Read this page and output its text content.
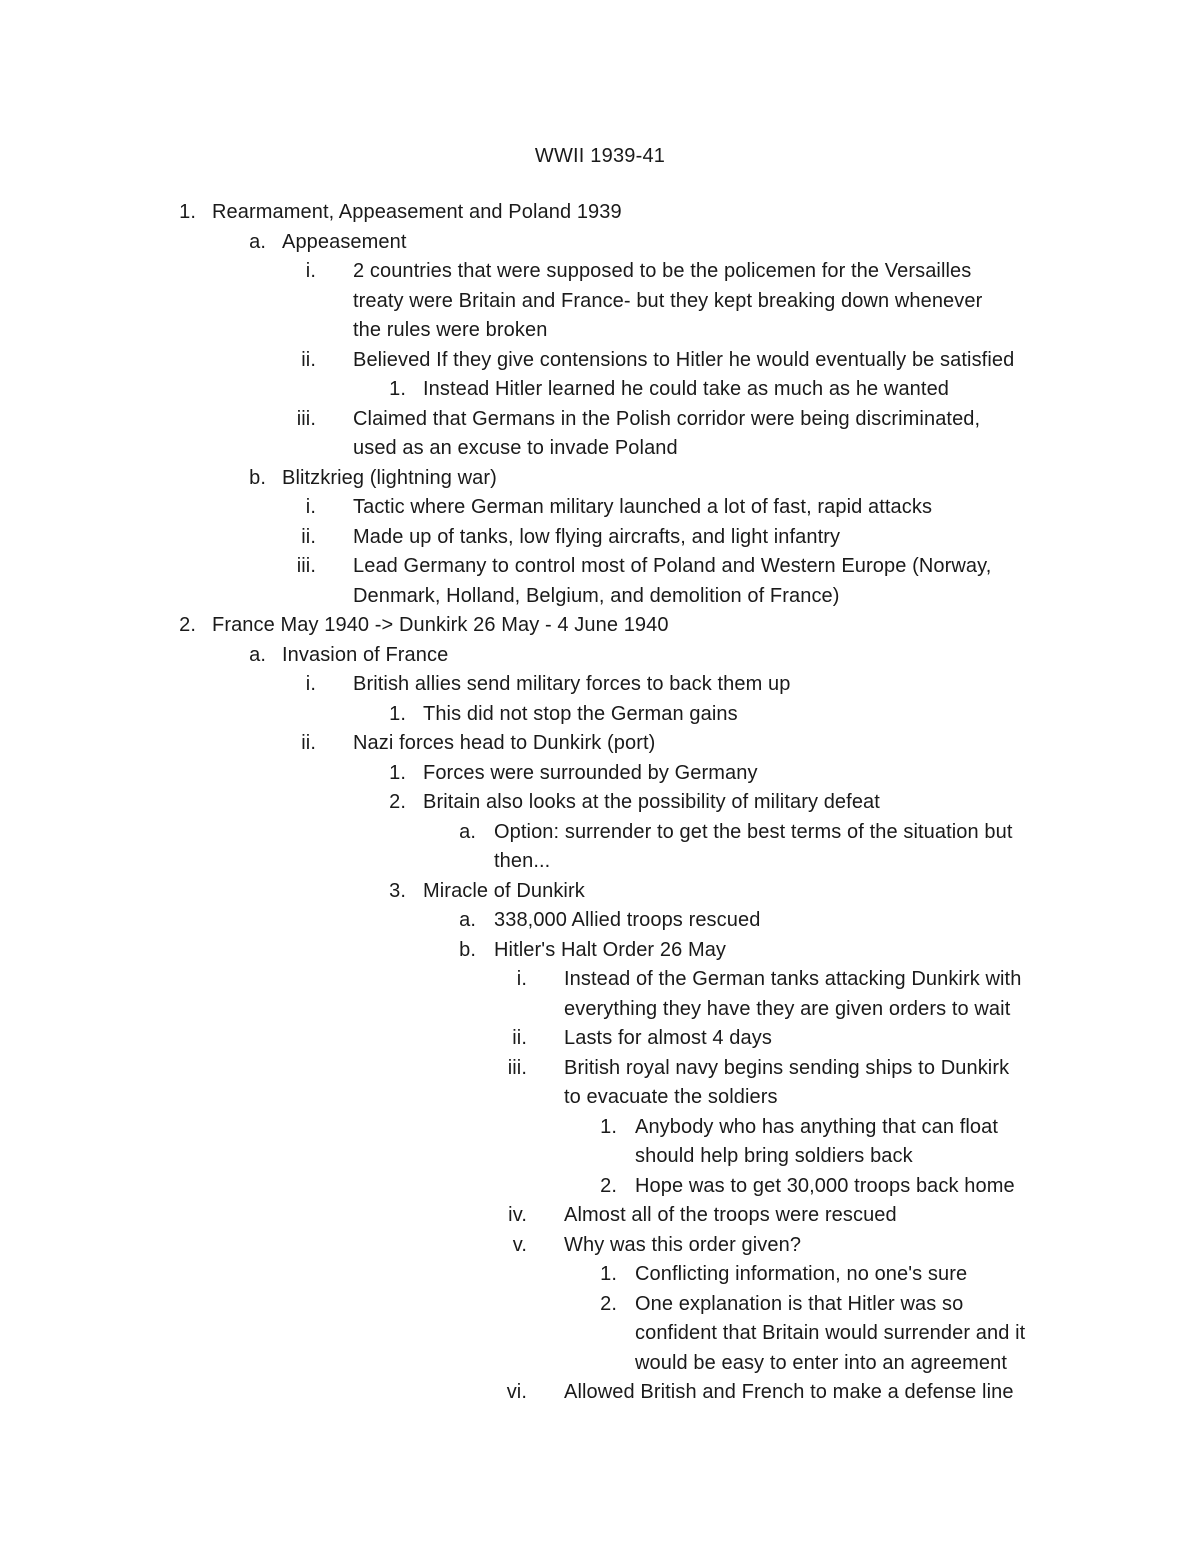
WWII 1939-41
1. Rearmament, Appeasement and Poland 1939
a. Appeasement
i. 2 countries that were supposed to be the policemen for the Versailles
treaty were Britain and France- but they kept breaking down whenever
the rules were broken
ii. Believed If they give contensions to Hitler he would eventually be satisfied
1. Instead Hitler learned he could take as much as he wanted
iii. Claimed that Germans in the Polish corridor were being discriminated,
used as an excuse to invade Poland
b. Blitzkrieg (lightning war)
i. Tactic where German military launched a lot of fast, rapid attacks
ii. Made up of tanks, low flying aircrafts, and light infantry
iii. Lead Germany to control most of Poland and Western Europe (Norway,
Denmark, Holland, Belgium, and demolition of France)
2. France May 1940 -> Dunkirk 26 May - 4 June 1940
a. Invasion of France
i. British allies send military forces to back them up
1. This did not stop the German gains
ii. Nazi forces head to Dunkirk (port)
1. Forces were surrounded by Germany
2. Britain also looks at the possibility of military defeat
a. Option: surrender to get the best terms of the situation but
then...
3. Miracle of Dunkirk
a. 338,000 Allied troops rescued
b. Hitler's Halt Order 26 May
i. Instead of the German tanks attacking Dunkirk with
everything they have they are given orders to wait
ii. Lasts for almost 4 days
iii. British royal navy begins sending ships to Dunkirk
to evacuate the soldiers
1. Anybody who has anything that can float
should help bring soldiers back
2. Hope was to get 30,000 troops back home
iv. Almost all of the troops were rescued
v. Why was this order given?
1. Conflicting information, no one's sure
2. One explanation is that Hitler was so
confident that Britain would surrender and it
would be easy to enter into an agreement
vi. Allowed British and French to make a defense line
